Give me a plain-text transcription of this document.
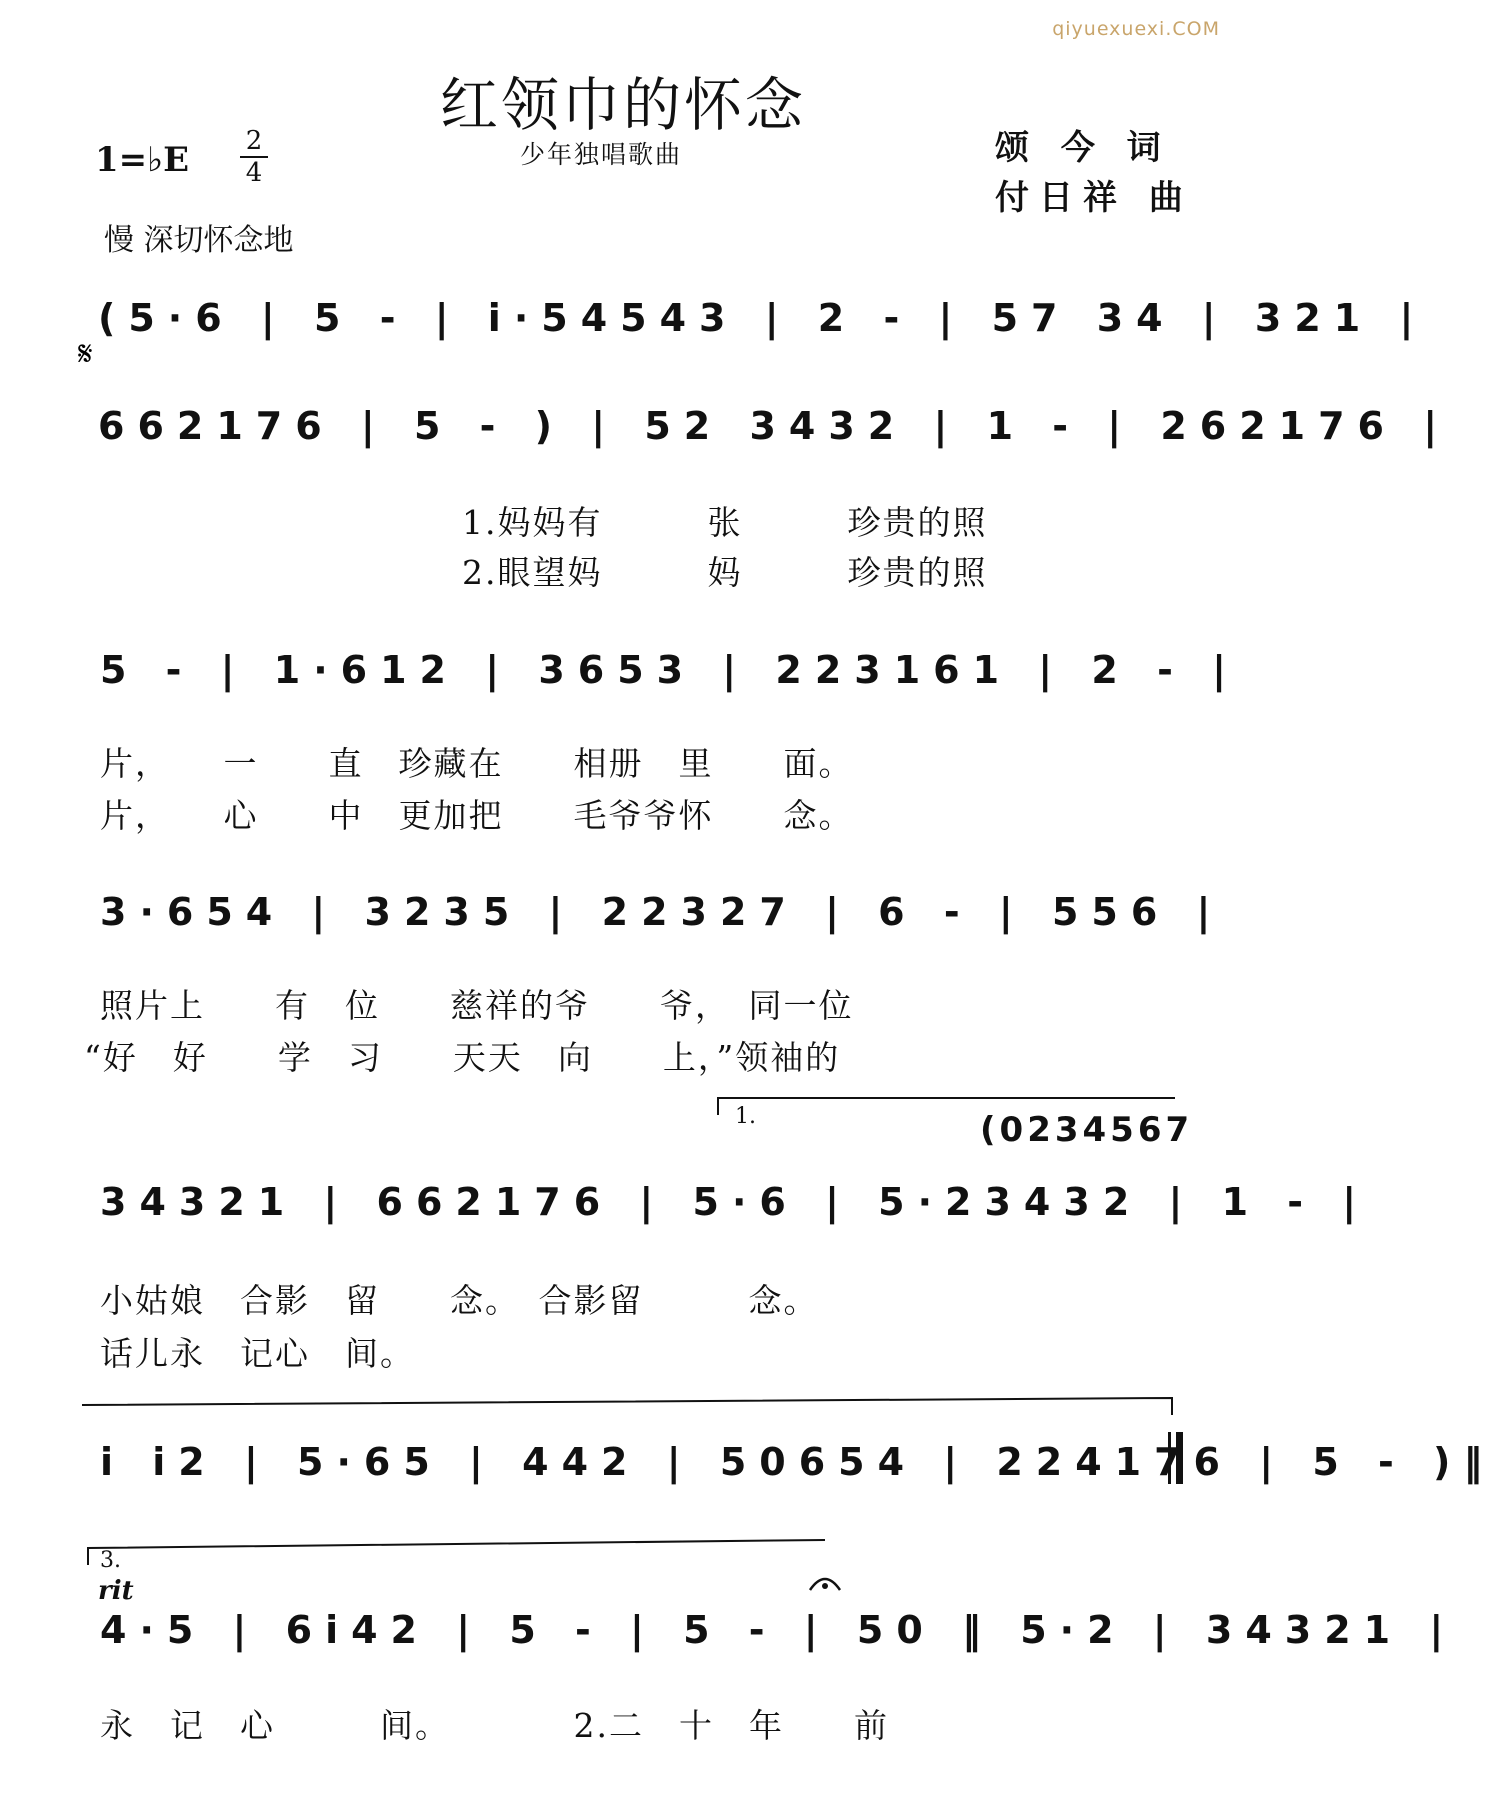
qiyuexuexi.COM
红领巾的怀念
少年独唱歌曲
1=♭E 2
4
颂 今 词
付日祥 曲
慢 深切怀念地
𝄋
(5·6 | 5 - | i·54543 | 2 - | 57 34 | 321 |
662176 | 5 - ) | 52 3432 | 1 - | 262176 |
1.妈妈有　　　张　　　珍贵的照
2.眼望妈　　　妈　　　珍贵的照
5 - | 1·612 | 3653 | 223161 | 2 - |
片，　　一　　直　珍藏在　　相册　里　　面。
片，　　心　　中　更加把　　毛爷爷怀　　念。
3·654 | 3235 | 22327 | 6 - | 556 |
照片上　　有　位　　慈祥的爷　　爷，　同一位
“好　好　　学　习　　天天　向　　上，”领袖的
1.	(0234567
34321 | 662176 | 5·6 | 5·23432 | 1 - |
小姑娘　合影　留　　念。　合影留　　　念。
话儿永　记心　间。
i i2 | 5·65 | 442 | 50654 | 224176 | 5 - )‖
3.
rit
4·5 | 6i42 | 5 - | 5 - | 50 ‖ 5·2 | 34321 |
永　记　心　　　间。　　　　2.二　十　年　　前
